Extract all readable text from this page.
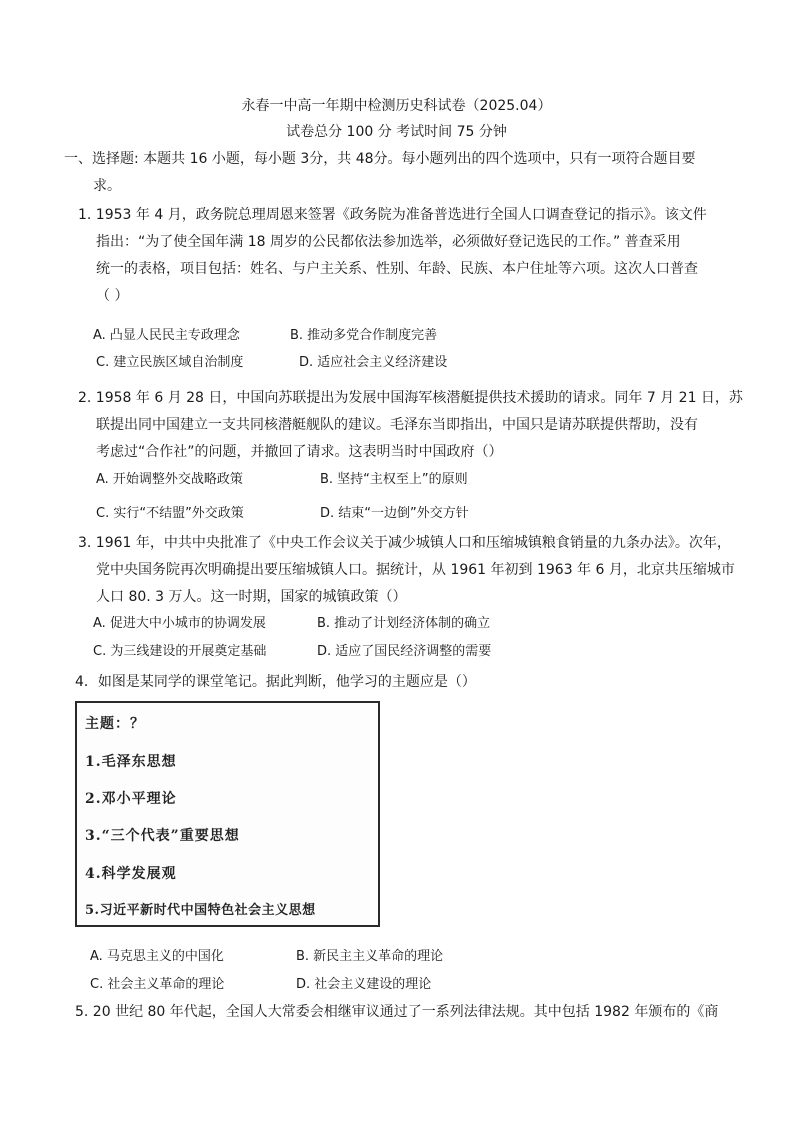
永春一中高一年期中检测历史科试卷（2025.04）
试卷总分 100 分 考试时间 75 分钟
一、选择题: 本题共 16 小题，每小题 3分，共 48分。每小题列出的四个选项中，只有一项符合题目要
求。
1. 1953 年 4 月，政务院总理周恩来签署《政务院为准备普选进行全国人口调查登记的指示》。该文件
指出：“为了使全国年满 18 周岁的公民都依法参加选举，必须做好登记选民的工作。” 普查采用
统一的表格，项目包括：姓名、与户主关系、性别、年龄、民族、本户住址等六项。这次人口普查
（ ）
A. 凸显人民民主专政理念	B. 推动多党合作制度完善
C. 建立民族区域自治制度	D. 适应社会主义经济建设
2. 1958 年 6 月 28 日，中国向苏联提出为发展中国海军核潜艇提供技术援助的请求。同年 7 月 21 日，苏
联提出同中国建立一支共同核潜艇舰队的建议。毛泽东当即指出，中国只是请苏联提供帮助，没有
考虑过“合作社”的问题，并撤回了请求。这表明当时中国政府（）
A. 开始调整外交战略政策	B. 坚持“主权至上”的原则
C. 实行“不结盟”外交政策	D. 结束“一边倒”外交方针
3. 1961 年，中共中央批准了《中央工作会议关于减少城镇人口和压缩城镇粮食销量的九条办法》。次年，
党中央国务院再次明确提出要压缩城镇人口。据统计，从 1961 年初到 1963 年 6 月，北京共压缩城市
人口 80. 3 万人。这一时期，国家的城镇政策（）
A. 促进大中小城市的协调发展	B. 推动了计划经济体制的确立
C. 为三线建设的开展奠定基础	D. 适应了国民经济调整的需要
4．如图是某同学的课堂笔记。据此判断，他学习的主题应是（）
主题：？
1.毛泽东思想
2.邓小平理论
3.“三个代表”重要思想
4.科学发展观
5.习近平新时代中国特色社会主义思想
A. 马克思主义的中国化	B. 新民主主义革命的理论
C. 社会主义革命的理论	D. 社会主义建设的理论
5. 20 世纪 80 年代起，全国人大常委会相继审议通过了一系列法律法规。其中包括 1982 年颁布的《商
